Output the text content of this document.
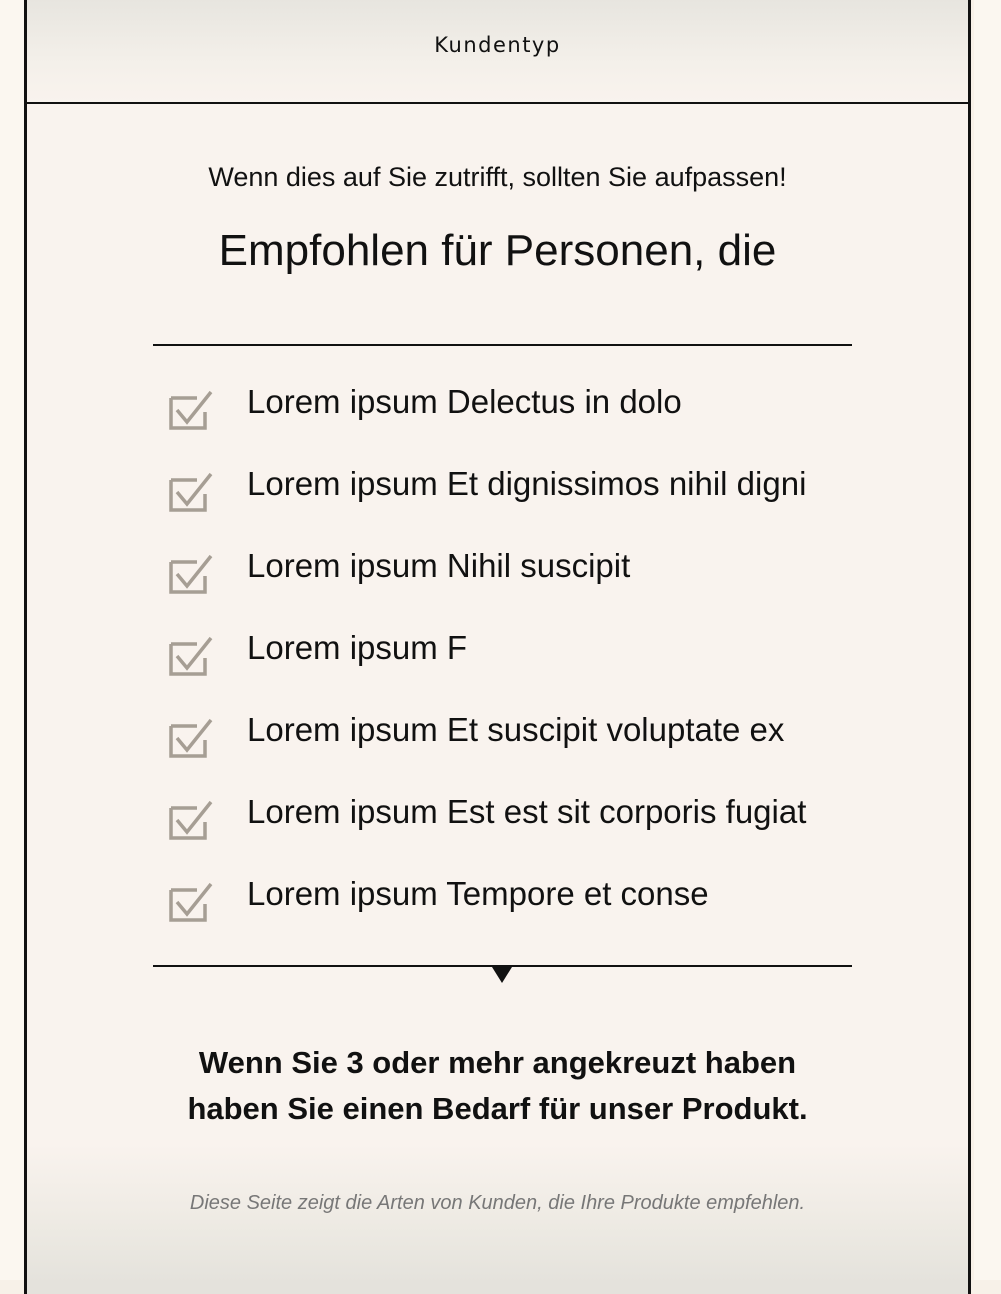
Kundentyp
Wenn dies auf Sie zutrifft, sollten Sie aufpassen!
Empfohlen für Personen, die
Lorem ipsum Delectus in dolo
Lorem ipsum Et dignissimos nihil digni
Lorem ipsum Nihil suscipit
Lorem ipsum F
Lorem ipsum Et suscipit voluptate ex
Lorem ipsum Est est sit corporis fugiat
Lorem ipsum Tempore et conse
Wenn Sie 3 oder mehr angekreuzt haben
haben Sie einen Bedarf für unser Produkt.
Diese Seite zeigt die Arten von Kunden, die Ihre Produkte empfehlen.
